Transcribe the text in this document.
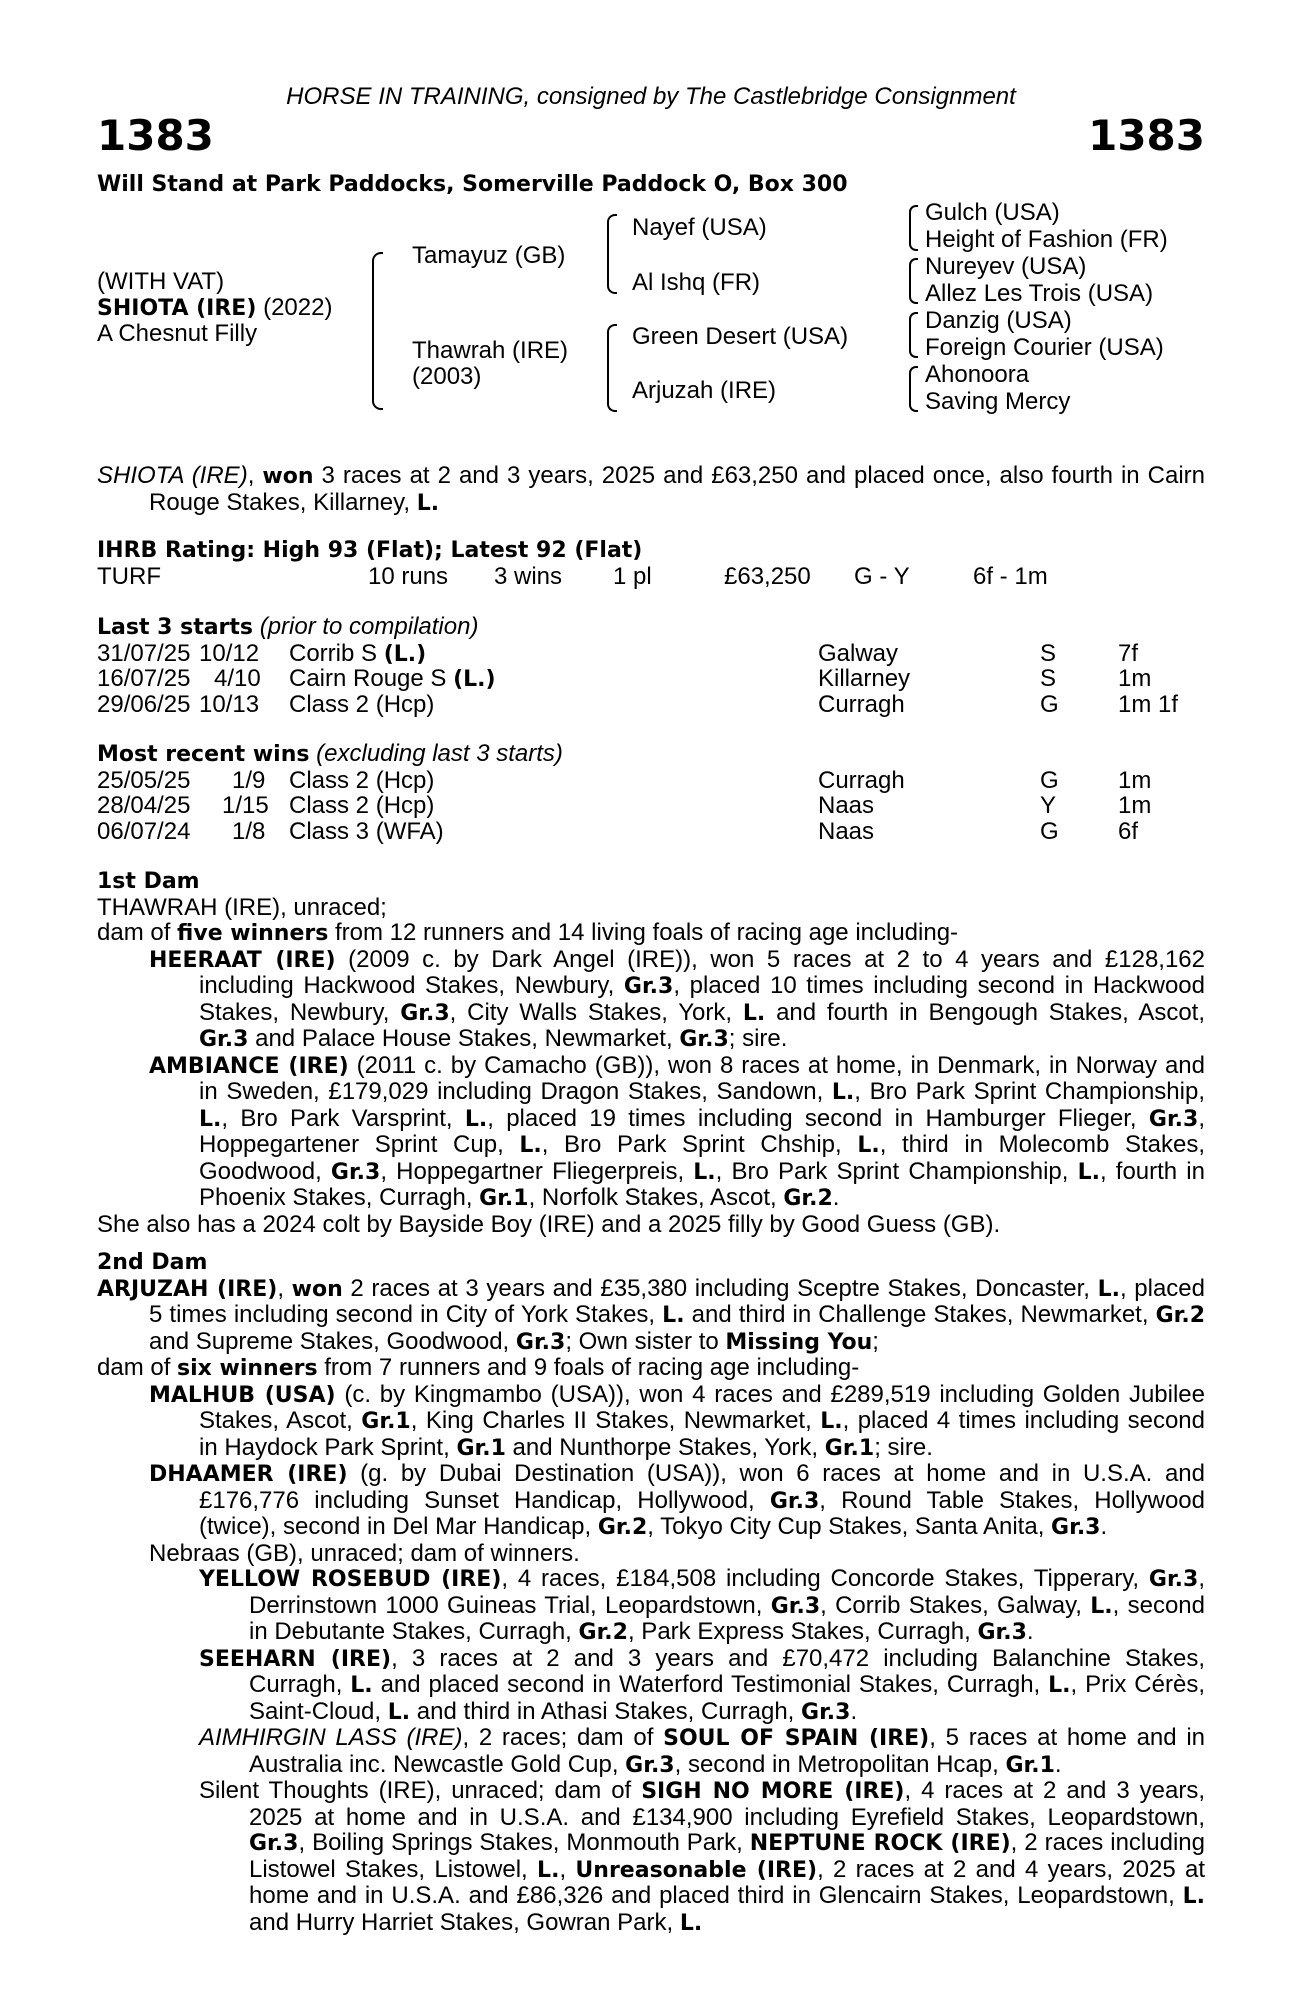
HORSE IN TRAINING, consigned by The Castlebridge Consignment
1383	1383
Will Stand at Park Paddocks, Somerville Paddock O, Box 300
(WITH VAT)
SHIOTA (IRE) (2022)
A Chesnut Filly
Tamayuz (GB)
Thawrah (IRE)
(2003)
Nayef (USA)
Al Ishq (FR)
Green Desert (USA)
Arjuzah (IRE)
Gulch (USA)
Height of Fashion (FR)
Nureyev (USA)
Allez Les Trois (USA)
Danzig (USA)
Foreign Courier (USA)
Ahonoora
Saving Mercy

SHIOTA (IRE), won 3 races at 2 and 3 years, 2025 and £63,250 and placed once, also fourth in Cairn Rouge Stakes, Killarney, L.

IHRB Rating: High 93 (Flat); Latest 92 (Flat)
TURF	10 runs 3 wins 1 pl	£63,250 G - Y	6f - 1m
Last 3 starts (prior to compilation)
31/07/25 10/12 Corrib S (L.)	Galway	S	7f
16/07/25 4/10 Cairn Rouge S (L.)	Killarney	S	1m
29/06/25 10/13 Class 2 (Hcp)	Curragh	G 1m 1f
Most recent wins (excluding last 3 starts)
25/05/25 1/9 Class 2 (Hcp)	Curragh	G 1m
28/04/25 1/15 Class 2 (Hcp)	Naas	Y	1m
06/07/24 1/8 Class 3 (WFA)	Naas	G 6f
1st Dam

THAWRAH (IRE), unraced;

dam of five winners from 12 runners and 14 living foals of racing age including-

HEERAAT (IRE) (2009 c. by Dark Angel (IRE)), won 5 races at 2 to 4 years and £128,162 including Hackwood Stakes, Newbury, Gr.3, placed 10 times including second in Hackwood Stakes, Newbury, Gr.3, City Walls Stakes, York, L. and fourth in Bengough Stakes, Ascot, Gr.3 and Palace House Stakes, Newmarket, Gr.3; sire.

AMBIANCE (IRE) (2011 c. by Camacho (GB)), won 8 races at home, in Denmark, in Norway and in Sweden, £179,029 including Dragon Stakes, Sandown, L., Bro Park Sprint Championship, L., Bro Park Varsprint, L., placed 19 times including second in Hamburger Flieger, Gr.3, Hoppegartener Sprint Cup, L., Bro Park Sprint Chship, L., third in Molecomb Stakes, Goodwood, Gr.3, Hoppegartner Fliegerpreis, L., Bro Park Sprint Championship, L., fourth in Phoenix Stakes, Curragh, Gr.1, Norfolk Stakes, Ascot, Gr.2.

She also has a 2024 colt by Bayside Boy (IRE) and a 2025 filly by Good Guess (GB).

2nd Dam

ARJUZAH (IRE), won 2 races at 3 years and £35,380 including Sceptre Stakes, Doncaster, L., placed 5 times including second in City of York Stakes, L. and third in Challenge Stakes, Newmarket, Gr.2 and Supreme Stakes, Goodwood, Gr.3; Own sister to Missing You;

dam of six winners from 7 runners and 9 foals of racing age including-

MALHUB (USA) (c. by Kingmambo (USA)), won 4 races and £289,519 including Golden Jubilee Stakes, Ascot, Gr.1, King Charles II Stakes, Newmarket, L., placed 4 times including second in Haydock Park Sprint, Gr.1 and Nunthorpe Stakes, York, Gr.1; sire.

DHAAMER (IRE) (g. by Dubai Destination (USA)), won 6 races at home and in U.S.A. and £176,776 including Sunset Handicap, Hollywood, Gr.3, Round Table Stakes, Hollywood (twice), second in Del Mar Handicap, Gr.2, Tokyo City Cup Stakes, Santa Anita, Gr.3.

Nebraas (GB), unraced; dam of winners.

YELLOW ROSEBUD (IRE), 4 races, £184,508 including Concorde Stakes, Tipperary, Gr.3, Derrinstown 1000 Guineas Trial, Leopardstown, Gr.3, Corrib Stakes, Galway, L., second in Debutante Stakes, Curragh, Gr.2, Park Express Stakes, Curragh, Gr.3.

SEEHARN (IRE), 3 races at 2 and 3 years and £70,472 including Balanchine Stakes, Curragh, L. and placed second in Waterford Testimonial Stakes, Curragh, L., Prix Cérès, Saint-Cloud, L. and third in Athasi Stakes, Curragh, Gr.3.

AIMHIRGIN LASS (IRE), 2 races; dam of SOUL OF SPAIN (IRE), 5 races at home and in Australia inc. Newcastle Gold Cup, Gr.3, second in Metropolitan Hcap, Gr.1.

Silent Thoughts (IRE), unraced; dam of SIGH NO MORE (IRE), 4 races at 2 and 3 years, 2025 at home and in U.S.A. and £134,900 including Eyrefield Stakes, Leopardstown, Gr.3, Boiling Springs Stakes, Monmouth Park, NEPTUNE ROCK (IRE), 2 races including Listowel Stakes, Listowel, L., Unreasonable (IRE), 2 races at 2 and 4 years, 2025 at home and in U.S.A. and £86,326 and placed third in Glencairn Stakes, Leopardstown, L. and Hurry Harriet Stakes, Gowran Park, L.
